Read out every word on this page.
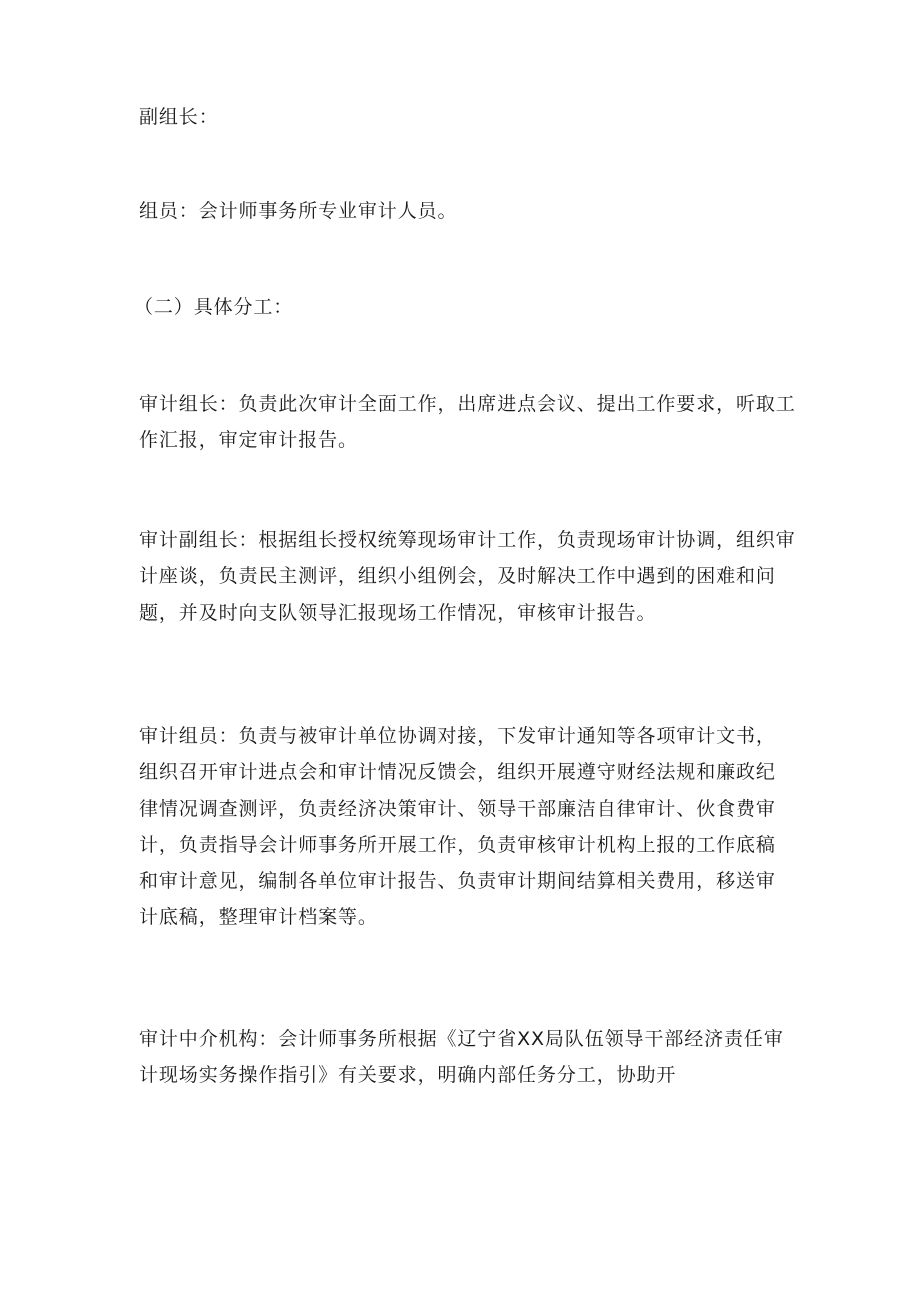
副组长：

组员：会计师事务所专业审计人员。

（二）具体分工：

审计组长：负责此次审计全面工作，出席进点会议、提出工作要求，听取工
作汇报，审定审计报告。

审计副组长：根据组长授权统筹现场审计工作，负责现场审计协调，组织审
计座谈，负责民主测评，组织小组例会，及时解决工作中遇到的困难和问
题，并及时向支队领导汇报现场工作情况，审核审计报告。

审计组员：负责与被审计单位协调对接，下发审计通知等各项审计文书，
组织召开审计进点会和审计情况反馈会，组织开展遵守财经法规和廉政纪
律情况调查测评，负责经济决策审计、领导干部廉洁自律审计、伙食费审
计，负责指导会计师事务所开展工作，负责审核审计机构上报的工作底稿
和审计意见，编制各单位审计报告、负责审计期间结算相关费用，移送审
计底稿，整理审计档案等。

审计中介机构：会计师事务所根据《辽宁省XX局队伍领导干部经济责任审
计现场实务操作指引》有关要求，明确内部任务分工，协助开
